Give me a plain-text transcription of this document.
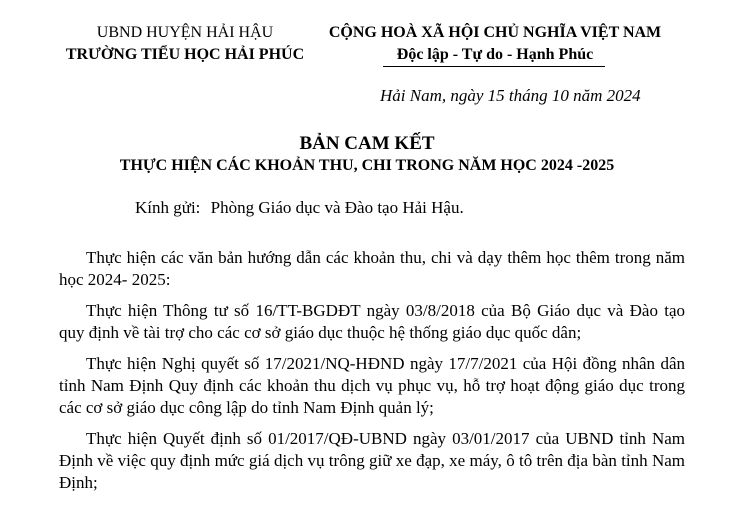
UBND HUYỆN HẢI HẬU
TRƯỜNG TIỂU HỌC HẢI PHÚC
CỘNG HOÀ XÃ HỘI CHỦ NGHĨA VIỆT NAM
Độc lập - Tự do - Hạnh Phúc
Hải Nam, ngày 15 tháng 10 năm 2024
BẢN CAM KẾT
THỰC HIỆN CÁC KHOẢN THU, CHI TRONG NĂM HỌC 2024 -2025
Kính gửi: Phòng Giáo dục và Đào tạo Hải Hậu.

Thực hiện các văn bản hướng dẫn các khoản thu, chi và dạy thêm học thêm trong năm học 2024- 2025:

Thực hiện Thông tư số 16/TT-BGDĐT ngày 03/8/2018 của Bộ Giáo dục và Đào tạo quy định về tài trợ cho các cơ sở giáo dục thuộc hệ thống giáo dục quốc dân;

Thực hiện Nghị quyết số 17/2021/NQ-HĐND ngày 17/7/2021 của Hội đồng nhân dân tỉnh Nam Định Quy định các khoản thu dịch vụ phục vụ, hỗ trợ hoạt động giáo dục trong các cơ sở giáo dục công lập do tỉnh Nam Định quản lý;

Thực hiện Quyết định số 01/2017/QĐ-UBND ngày 03/01/2017 của UBND tỉnh Nam Định về việc quy định mức giá dịch vụ trông giữ xe đạp, xe máy, ô tô trên địa bàn tỉnh Nam Định;
